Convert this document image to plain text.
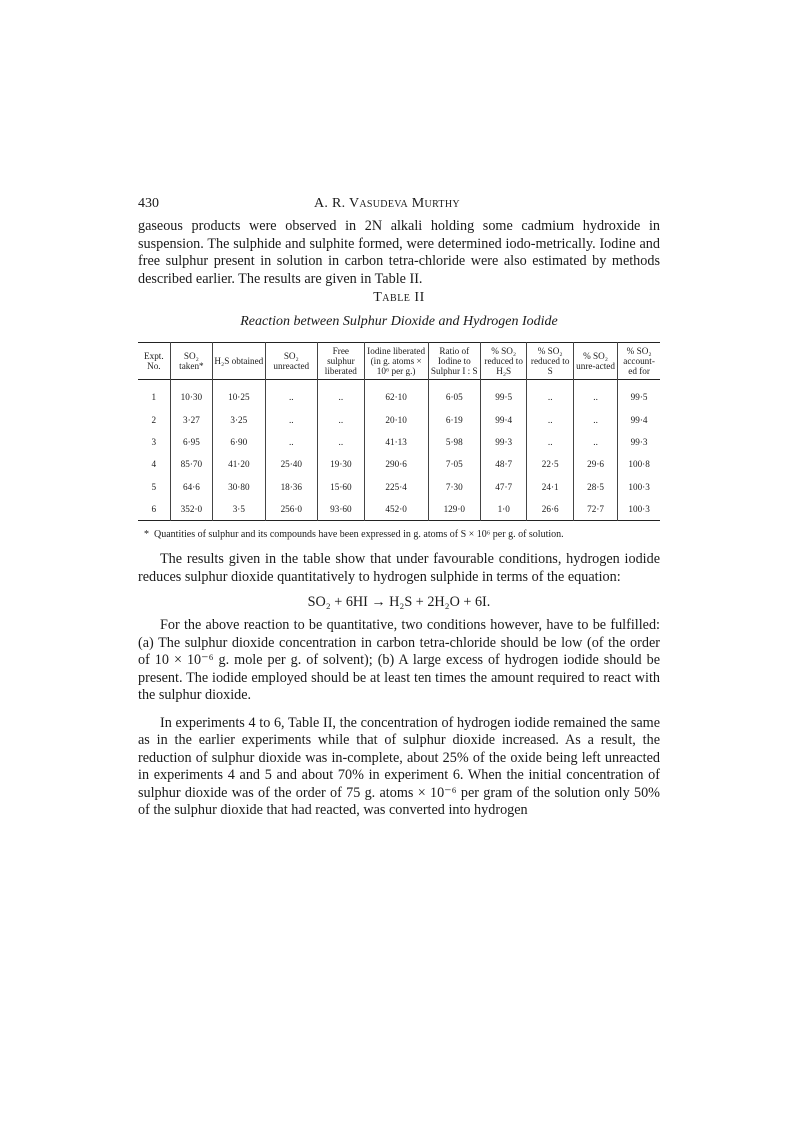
430	A. R. Vasudeva Murthy

gaseous products were observed in 2N alkali holding some cadmium hydroxide in suspension. The sulphide and sulphite formed, were determined iodo-metrically. Iodine and free sulphur present in solution in carbon tetra-chloride were also estimated by methods described earlier. The results are given in Table II.

Table II
Reaction between Sulphur Dioxide and Hydrogen Iodide
Expt. No.	SO₂ taken*	H₂S obtained	SO₂ unreacted	Free sulphur liberated	Iodine liberated (in g. atoms × 10⁶ per g.)	Ratio of Iodine to Sulphur I : S	% SO₂ reduced to H₂S	% SO₂ reduced to S	% SO₂ unre-acted	% SO₂ account-ed for
1	10·30	10·25	..	..	62·10	6·05	99·5	..	..	99·5
2	3·27	3·25	..	..	20·10	6·19	99·4	..	..	99·4
3	6·95	6·90	..	..	41·13	5·98	99·3	..	..	99·3
4	85·70	41·20	25·40	19·30	290·6	7·05	48·7	22·5	29·6	100·8
5	64·6	30·80	18·36	15·60	225·4	7·30	47·7	24·1	28·5	100·3
6	352·0	3·5	256·0	93·60	452·0	129·0	1·0	26·6	72·7	100·3
* Quantities of sulphur and its compounds have been expressed in g. atoms of S × 10⁶ per g. of solution.

The results given in the table show that under favourable conditions, hydrogen iodide reduces sulphur dioxide quantitatively to hydrogen sulphide in terms of the equation:

SO₂ + 6HI → H₂S + 2H₂O + 6I.

For the above reaction to be quantitative, two conditions however, have to be fulfilled: (a) The sulphur dioxide concentration in carbon tetra-chloride should be low (of the order of 10 × 10⁻⁶ g. mole per g. of solvent); (b) A large excess of hydrogen iodide should be present. The iodide employed should be at least ten times the amount required to react with the sulphur dioxide.

In experiments 4 to 6, Table II, the concentration of hydrogen iodide remained the same as in the earlier experiments while that of sulphur dioxide increased. As a result, the reduction of sulphur dioxide was in-complete, about 25% of the oxide being left unreacted in experiments 4 and 5 and about 70% in experiment 6. When the initial concentration of sulphur dioxide was of the order of 75 g. atoms × 10⁻⁶ per gram of the solution only 50% of the sulphur dioxide that had reacted, was converted into hydrogen
